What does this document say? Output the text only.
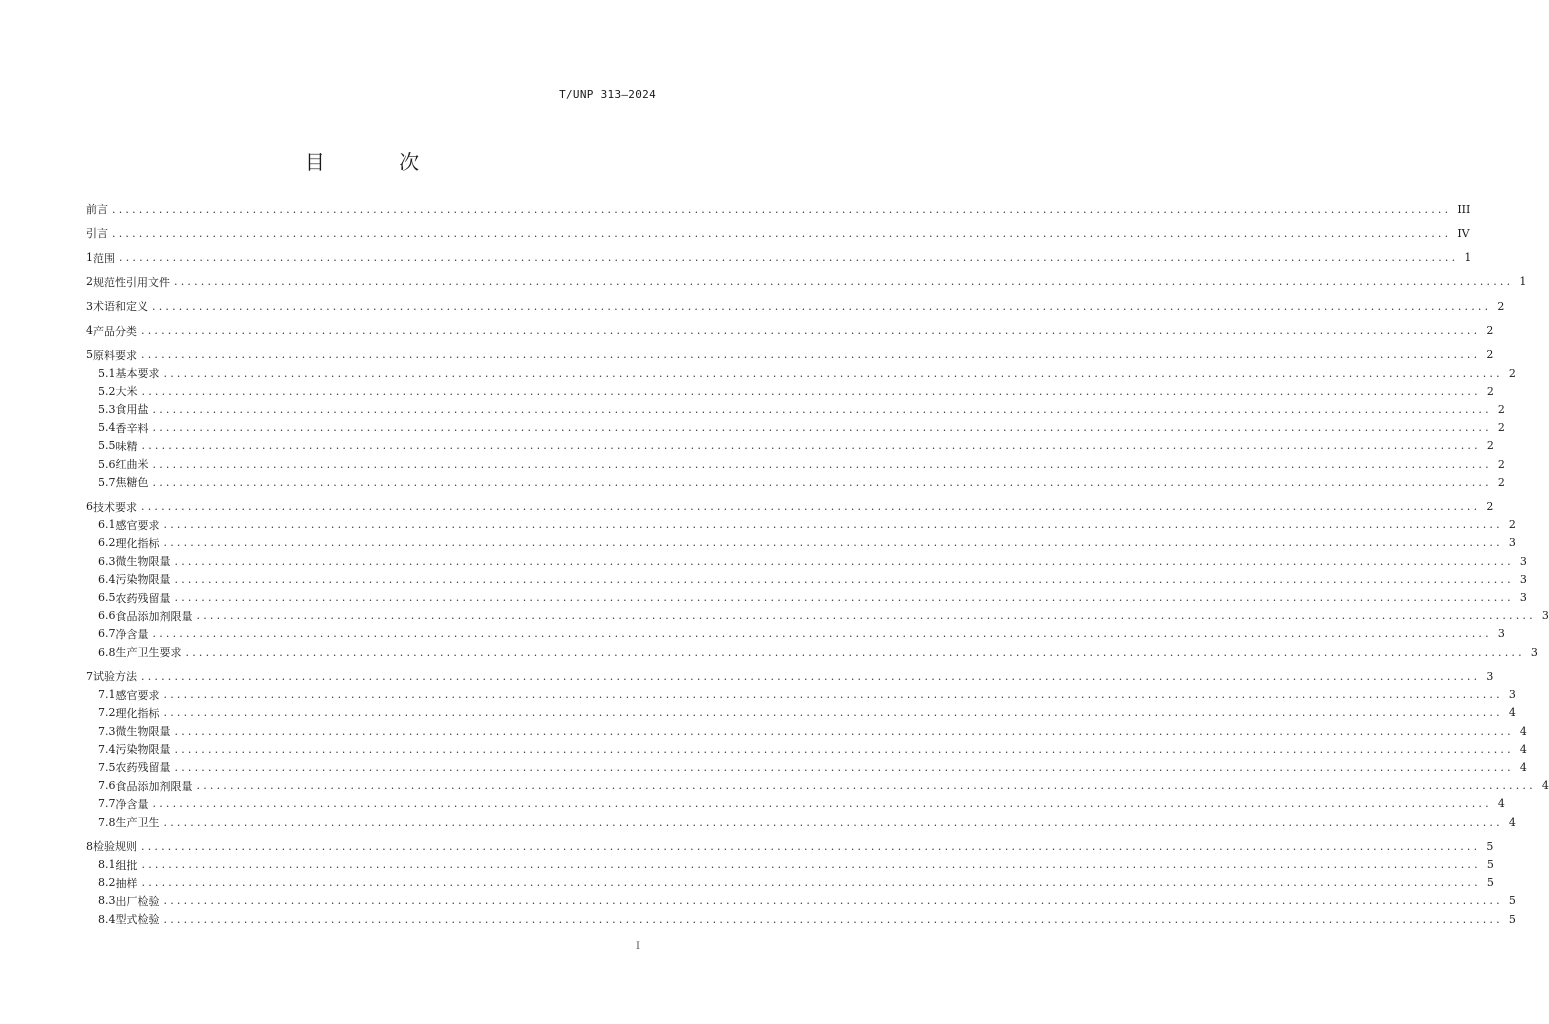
T/UNP 313—2024
目 次
前言 ........................................................................................................................................................................................................ III
引言 ........................................................................................................................................................................................................ IV
1 范围 ........................................................................................................................................................................................................ 1
2 规范性引用文件 ........................................................................................................................................................................................................ 1
3 术语和定义 ........................................................................................................................................................................................................ 2
4 产品分类 ........................................................................................................................................................................................................ 2
5 原料要求 ........................................................................................................................................................................................................ 2
5.1 基本要求 ........................................................................................................................................................................................................ 2
5.2 大米 ........................................................................................................................................................................................................ 2
5.3 食用盐 ........................................................................................................................................................................................................ 2
5.4 香辛料 ........................................................................................................................................................................................................ 2
5.5 味精 ........................................................................................................................................................................................................ 2
5.6 红曲米 ........................................................................................................................................................................................................ 2
5.7 焦糖色 ........................................................................................................................................................................................................ 2
6 技术要求 ........................................................................................................................................................................................................ 2
6.1 感官要求 ........................................................................................................................................................................................................ 2
6.2 理化指标 ........................................................................................................................................................................................................ 3
6.3 微生物限量 ........................................................................................................................................................................................................ 3
6.4 污染物限量 ........................................................................................................................................................................................................ 3
6.5 农药残留量 ........................................................................................................................................................................................................ 3
6.6 食品添加剂限量 ........................................................................................................................................................................................................ 3
6.7 净含量 ........................................................................................................................................................................................................ 3
6.8 生产卫生要求 ........................................................................................................................................................................................................ 3
7 试验方法 ........................................................................................................................................................................................................ 3
7.1 感官要求 ........................................................................................................................................................................................................ 3
7.2 理化指标 ........................................................................................................................................................................................................ 4
7.3 微生物限量 ........................................................................................................................................................................................................ 4
7.4 污染物限量 ........................................................................................................................................................................................................ 4
7.5 农药残留量 ........................................................................................................................................................................................................ 4
7.6 食品添加剂限量 ........................................................................................................................................................................................................ 4
7.7 净含量 ........................................................................................................................................................................................................ 4
7.8 生产卫生 ........................................................................................................................................................................................................ 4
8 检验规则 ........................................................................................................................................................................................................ 5
8.1 组批 ........................................................................................................................................................................................................ 5
8.2 抽样 ........................................................................................................................................................................................................ 5
8.3 出厂检验 ........................................................................................................................................................................................................ 5
8.4 型式检验 ........................................................................................................................................................................................................ 5
I
